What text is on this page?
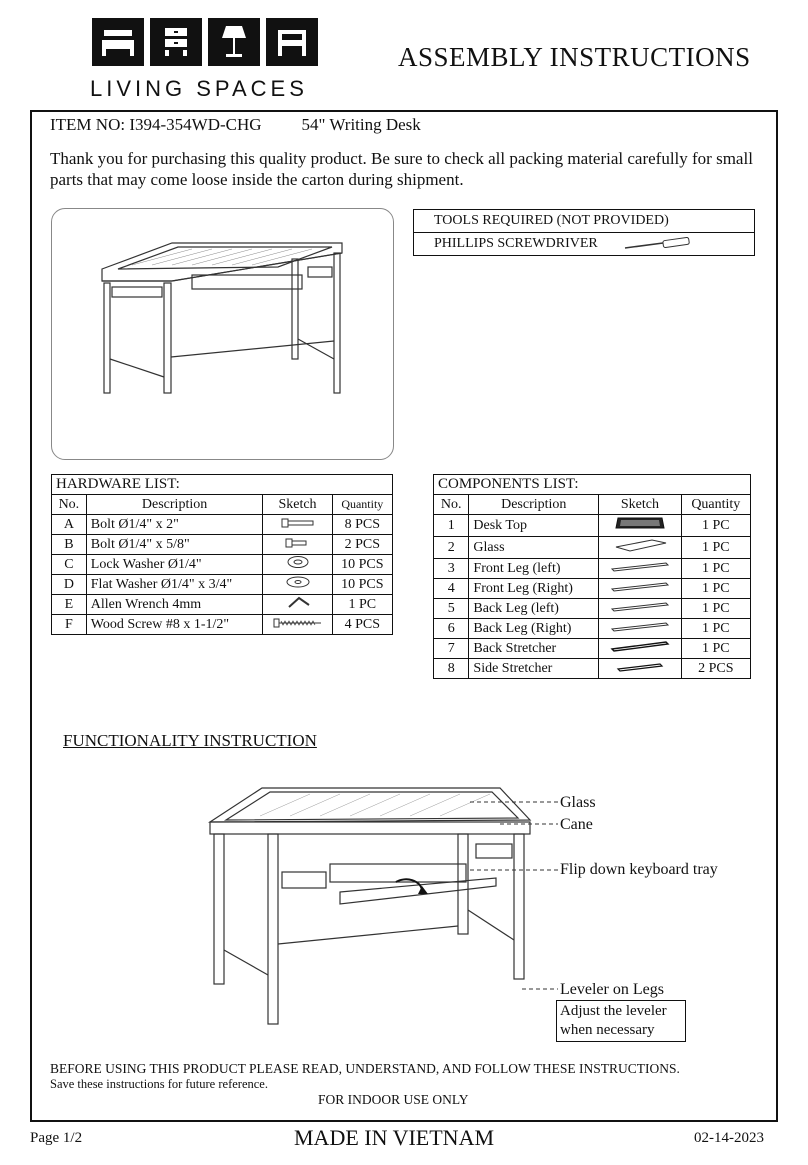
LIVING SPACES
ASSEMBLY INSTRUCTIONS
ITEM NO: I394-354WD-CHG 54" Writing Desk
Thank you for purchasing this quality product. Be sure to check all packing material carefully for small parts that may come loose inside the carton during shipment.
TOOLS REQUIRED (NOT PROVIDED)
PHILLIPS SCREWDRIVER
HARDWARE LIST:			
No.	Description	Sketch	Quantity
A	Bolt Ø1/4" x 2"		8 PCS
B	Bolt Ø1/4" x 5/8"		2 PCS
C	Lock Washer Ø1/4"		10 PCS
D	Flat Washer Ø1/4" x 3/4"		10 PCS
E	Allen Wrench 4mm		1 PC
F	Wood Screw #8 x 1-1/2"		4 PCS
COMPONENTS LIST:			
No.	Description	Sketch	Quantity
1	Desk Top		1 PC
2	Glass		1 PC
3	Front Leg (left)		1 PC
4	Front Leg (Right)		1 PC
5	Back Leg (left)		1 PC
6	Back Leg (Right)		1 PC
7	Back Stretcher		1 PC
8	Side Stretcher		2 PCS
FUNCTIONALITY INSTRUCTION
Glass
Cane
Flip down keyboard tray
Leveler on Legs
Adjust the leveler
when necessary
BEFORE USING THIS PRODUCT PLEASE READ, UNDERSTAND, AND FOLLOW THESE INSTRUCTIONS.
Save these instructions for future reference.
FOR INDOOR USE ONLY
Page 1/2	MADE IN VIETNAM	02-14-2023
